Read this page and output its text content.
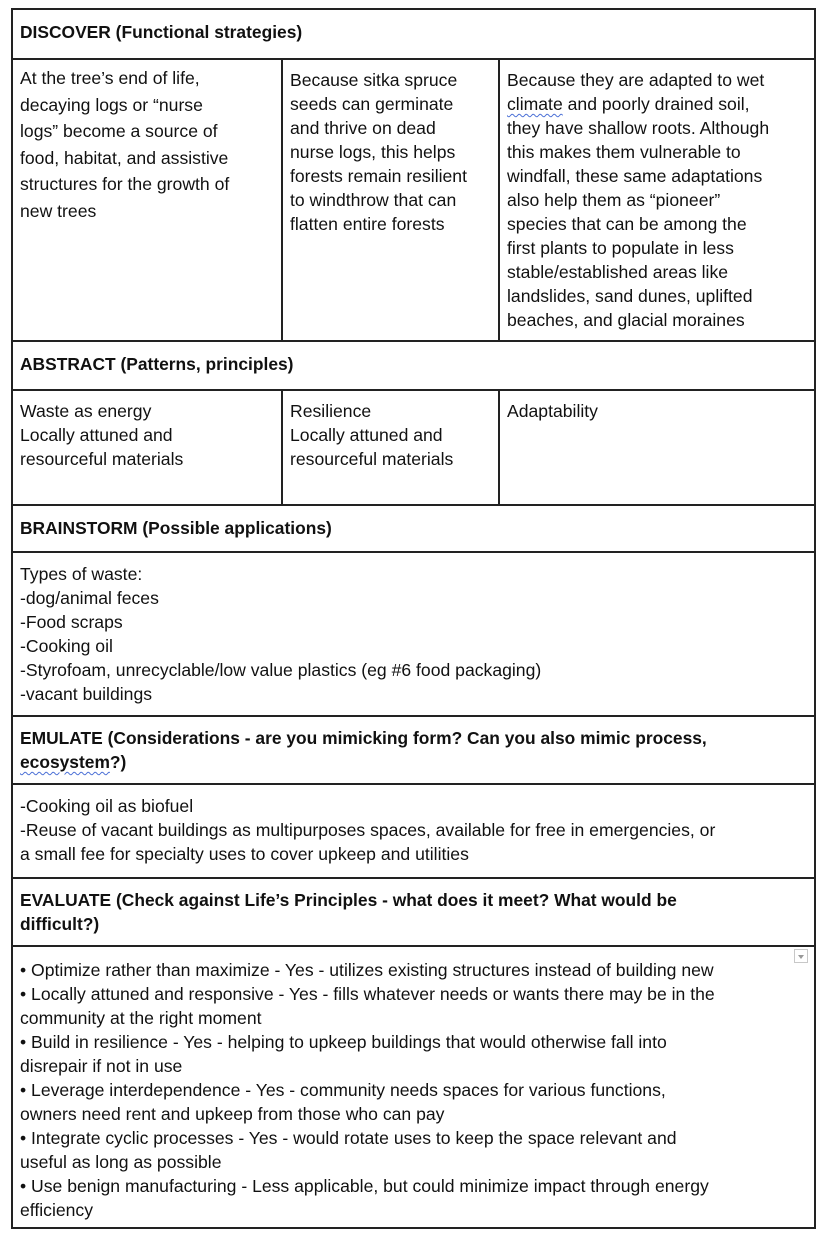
DISCOVER (Functional strategies)
At the tree’s end of life,
decaying logs or “nurse
logs” become a source of
food, habitat, and assistive
structures for the growth of
new trees
Because sitka spruce
seeds can germinate
and thrive on dead
nurse logs, this helps
forests remain resilient
to windthrow that can
flatten entire forests
Because they are adapted to wet
climate and poorly drained soil,
they have shallow roots. Although
this makes them vulnerable to
windfall, these same adaptations
also help them as “pioneer”
species that can be among the
first plants to populate in less
stable/established areas like
landslides, sand dunes, uplifted
beaches, and glacial moraines
ABSTRACT (Patterns, principles)
Waste as energy
Locally attuned and
resourceful materials
Resilience
Locally attuned and
resourceful materials
Adaptability
BRAINSTORM (Possible applications)
Types of waste:
-dog/animal feces
-Food scraps
-Cooking oil
-Styrofoam, unrecyclable/low value plastics (eg #6 food packaging)
-vacant buildings
EMULATE (Considerations - are you mimicking form? Can you also mimic process,
ecosystem?)
-Cooking oil as biofuel
-Reuse of vacant buildings as multipurposes spaces, available for free in emergencies, or
a small fee for specialty uses to cover upkeep and utilities
EVALUATE (Check against Life’s Principles - what does it meet? What would be
difficult?)
• Optimize rather than maximize - Yes - utilizes existing structures instead of building new
• Locally attuned and responsive - Yes - fills whatever needs or wants there may be in the
community at the right moment
• Build in resilience - Yes - helping to upkeep buildings that would otherwise fall into
disrepair if not in use
• Leverage interdependence - Yes - community needs spaces for various functions,
owners need rent and upkeep from those who can pay
• Integrate cyclic processes - Yes - would rotate uses to keep the space relevant and
useful as long as possible
• Use benign manufacturing - Less applicable, but could minimize impact through energy
efficiency
